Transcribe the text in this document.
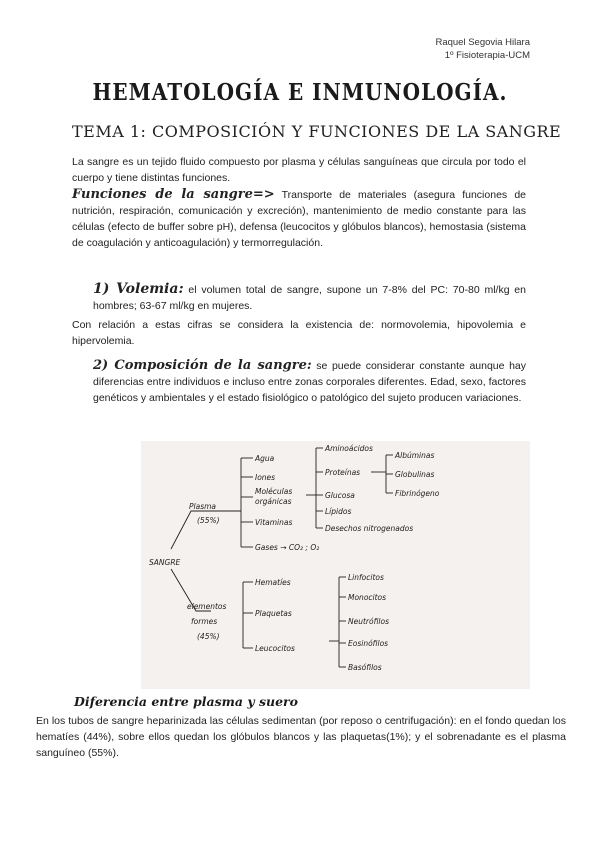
Raquel Segovia Hilara
1º Fisioterapia-UCM
HEMATOLOGÍA E INMUNOLOGÍA.
TEMA 1: COMPOSICIÓN Y FUNCIONES DE LA SANGRE
La sangre es un tejido fluido compuesto por plasma y células sanguíneas que circula por todo el cuerpo y tiene distintas funciones.
Funciones de la sangre=> Transporte de materiales (asegura funciones de nutrición, respiración, comunicación y excreción), mantenimiento de medio constante para las células (efecto de buffer sobre pH), defensa (leucocitos y glóbulos blancos), hemostasia (sistema de coagulación y anticoagulación) y termorregulación.
1) Volemia: el volumen total de sangre, supone un 7-8% del PC: 70-80 ml/kg en hombres; 63-67 ml/kg en mujeres.
Con relación a estas cifras se considera la existencia de: normovolemia, hipovolemia e hipervolemia.
2) Composición de la sangre: se puede considerar constante aunque hay diferencias entre individuos e incluso entre zonas corporales diferentes. Edad, sexo, factores genéticos y ambientales y el estado fisiológico o patológico del sujeto producen variaciones.
SANGRE
Plasma
(55%)
Agua
Iones
Moléculas
orgánicas
Vitaminas
Gases → CO₂ ; O₂
Aminoácidos
Proteínas
Glucosa
Lípidos
Desechos nitrogenados
Albúminas
Globulinas
Fibrinógeno
elementos
formes
(45%)
Hematíes
Plaquetas
Leucocitos
Linfocitos
Monocitos
Neutrófilos
Eosinófilos
Basófilos
Diferencia entre plasma y suero
En los tubos de sangre heparinizada las células sedimentan (por reposo o centrifugación): en el fondo quedan los hematíes (44%), sobre ellos quedan los glóbulos blancos y las plaquetas(1%); y el sobrenadante es el plasma sanguíneo (55%).
